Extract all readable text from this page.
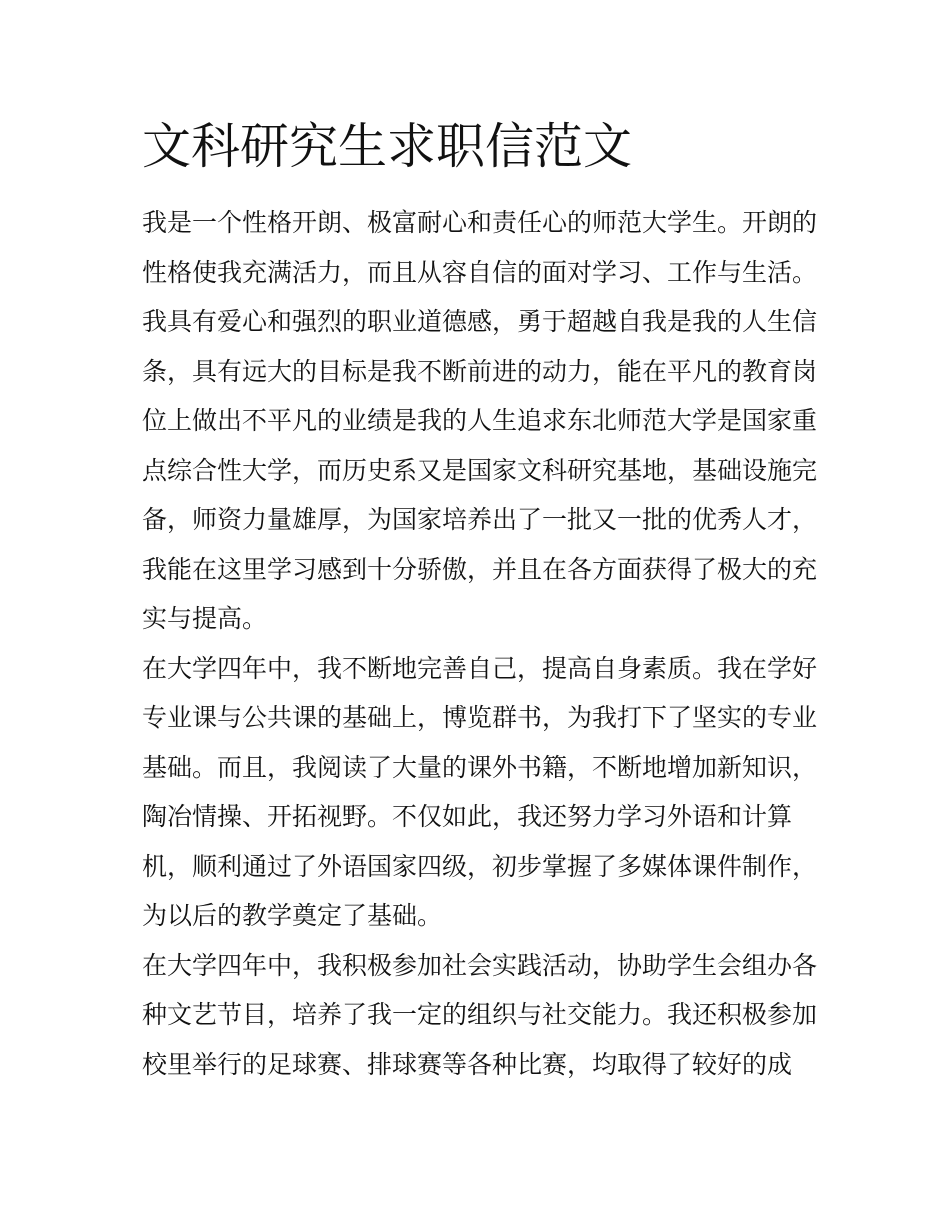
文科研究生求职信范文
我是一个性格开朗、极富耐心和责任心的师范大学生。开朗的
性格使我充满活力，而且从容自信的面对学习、工作与生活。
我具有爱心和强烈的职业道德感，勇于超越自我是我的人生信
条，具有远大的目标是我不断前进的动力，能在平凡的教育岗
位上做出不平凡的业绩是我的人生追求东北师范大学是国家重
点综合性大学，而历史系又是国家文科研究基地，基础设施完
备，师资力量雄厚，为国家培养出了一批又一批的优秀人才，
我能在这里学习感到十分骄傲，并且在各方面获得了极大的充
实与提高。
在大学四年中，我不断地完善自己，提高自身素质。我在学好
专业课与公共课的基础上，博览群书，为我打下了坚实的专业
基础。而且，我阅读了大量的课外书籍，不断地增加新知识，
陶冶情操、开拓视野。不仅如此，我还努力学习外语和计算
机，顺利通过了外语国家四级，初步掌握了多媒体课件制作，
为以后的教学奠定了基础。
在大学四年中，我积极参加社会实践活动，协助学生会组办各
种文艺节目，培养了我一定的组织与社交能力。我还积极参加
校里举行的足球赛、排球赛等各种比赛，均取得了较好的成
